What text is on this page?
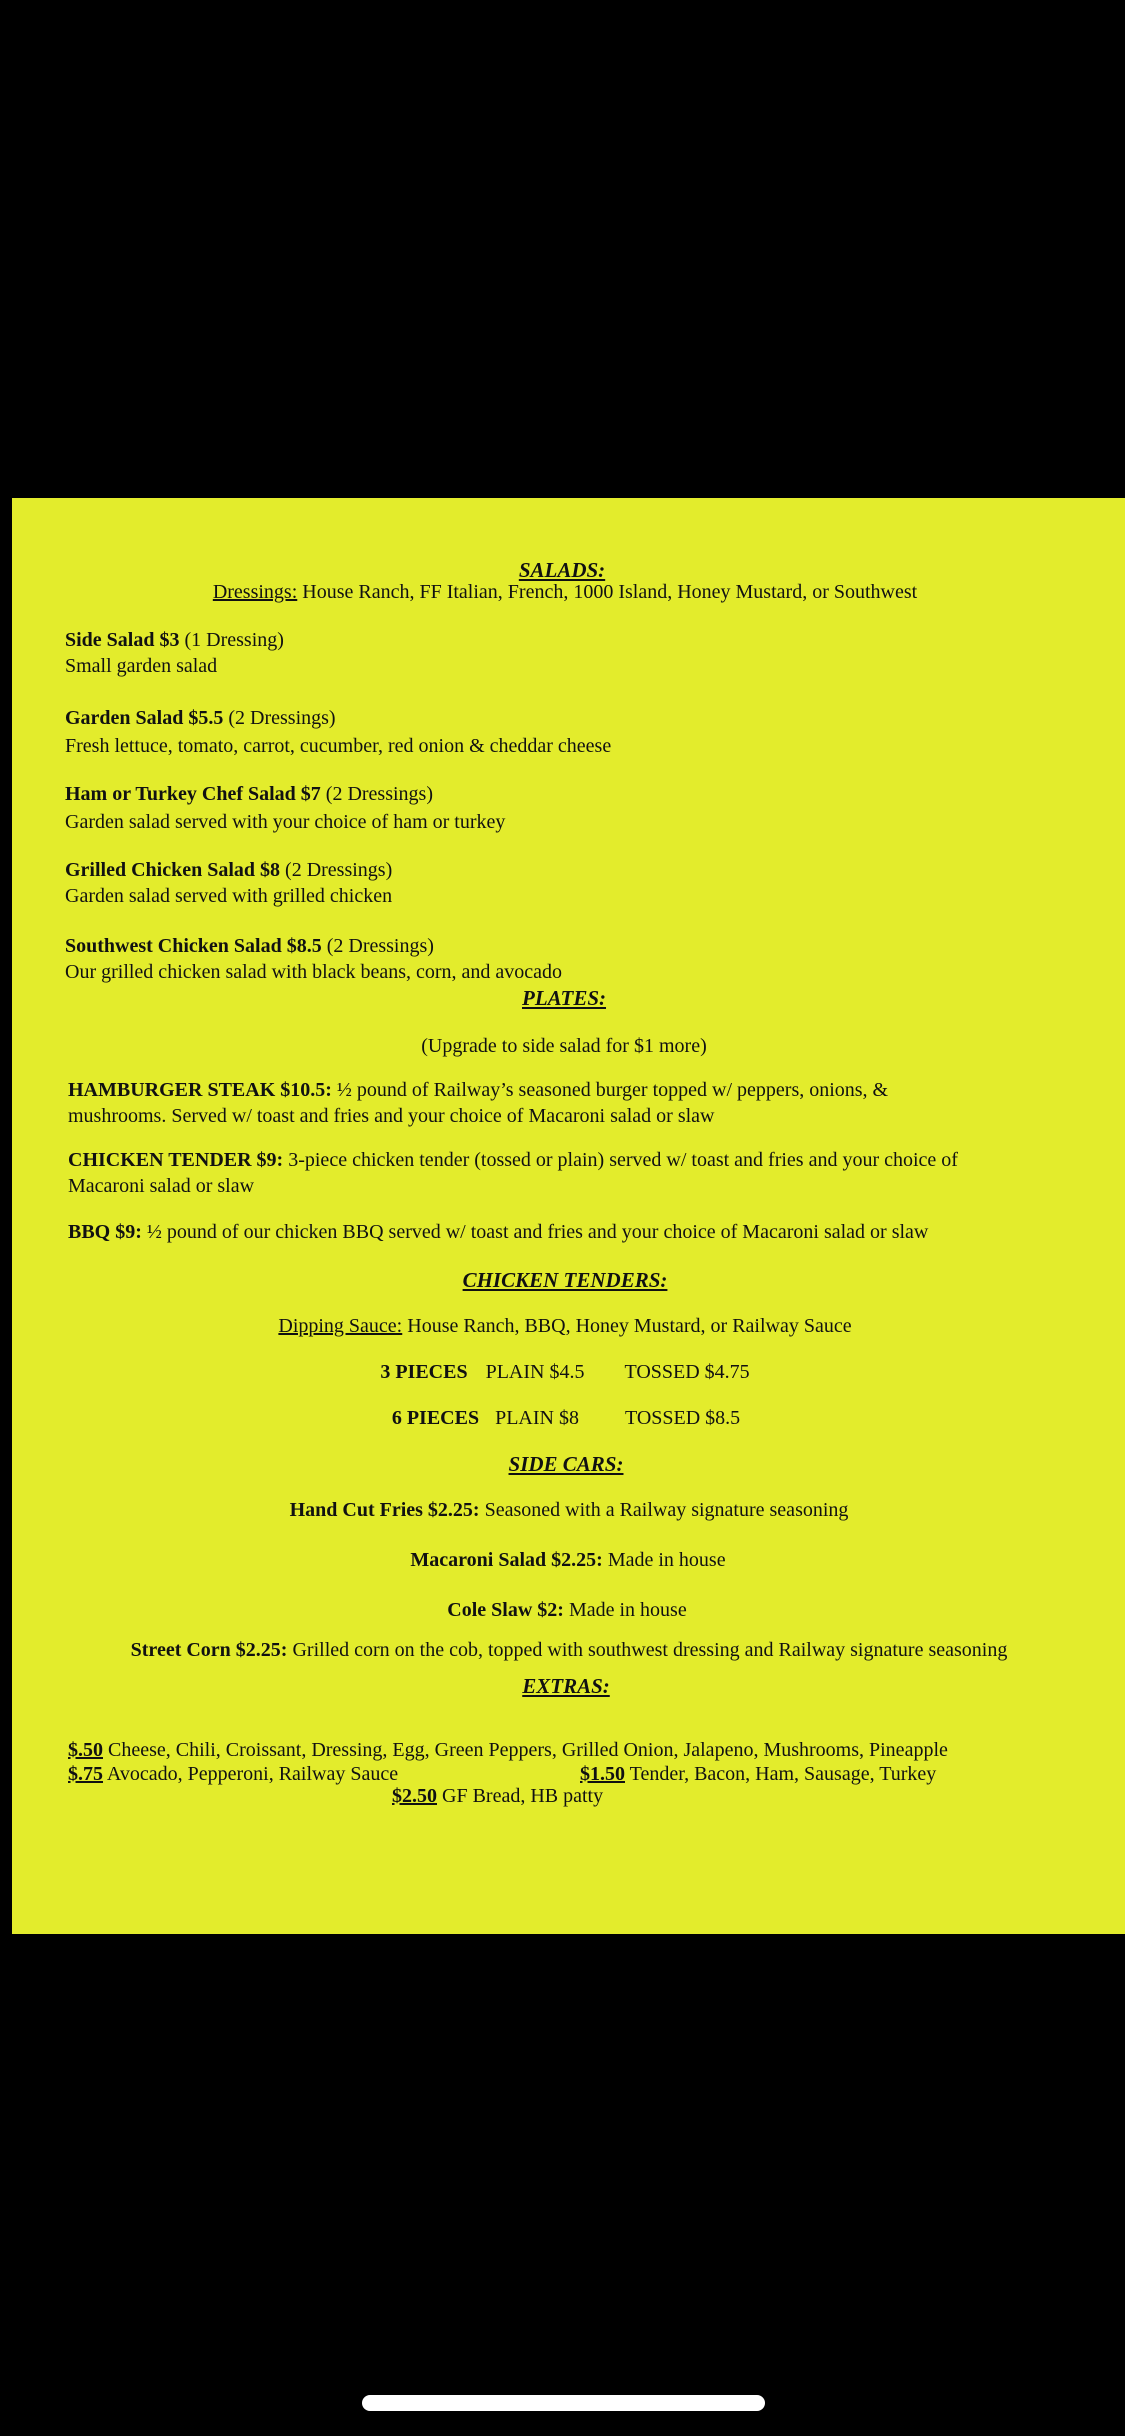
SALADS:
Dressings: House Ranch, FF Italian, French, 1000 Island, Honey Mustard, or Southwest
Side Salad $3 (1 Dressing)
Small garden salad
Garden Salad $5.5 (2 Dressings)
Fresh lettuce, tomato, carrot, cucumber, red onion & cheddar cheese
Ham or Turkey Chef Salad $7 (2 Dressings)
Garden salad served with your choice of ham or turkey
Grilled Chicken Salad $8 (2 Dressings)
Garden salad served with grilled chicken
Southwest Chicken Salad $8.5 (2 Dressings)
Our grilled chicken salad with black beans, corn, and avocado
PLATES:
(Upgrade to side salad for $1 more)
HAMBURGER STEAK $10.5: ½ pound of Railway’s seasoned burger topped w/ peppers, onions, &
mushrooms. Served w/ toast and fries and your choice of Macaroni salad or slaw
CHICKEN TENDER $9: 3-piece chicken tender (tossed or plain) served w/ toast and fries and your choice of
Macaroni salad or slaw
BBQ $9: ½ pound of our chicken BBQ served w/ toast and fries and your choice of Macaroni salad or slaw
CHICKEN TENDERS:
Dipping Sauce: House Ranch, BBQ, Honey Mustard, or Railway Sauce
3 PIECES PLAIN $4.5 TOSSED $4.75
6 PIECES PLAIN $8 TOSSED $8.5
SIDE CARS:
Hand Cut Fries $2.25: Seasoned with a Railway signature seasoning
Macaroni Salad $2.25: Made in house
Cole Slaw $2: Made in house
Street Corn $2.25: Grilled corn on the cob, topped with southwest dressing and Railway signature seasoning
EXTRAS:
$.50 Cheese, Chili, Croissant, Dressing, Egg, Green Peppers, Grilled Onion, Jalapeno, Mushrooms, Pineapple
$.75 Avocado, Pepperoni, Railway Sauce	$1.50 Tender, Bacon, Ham, Sausage, Turkey
$2.50 GF Bread, HB patty
